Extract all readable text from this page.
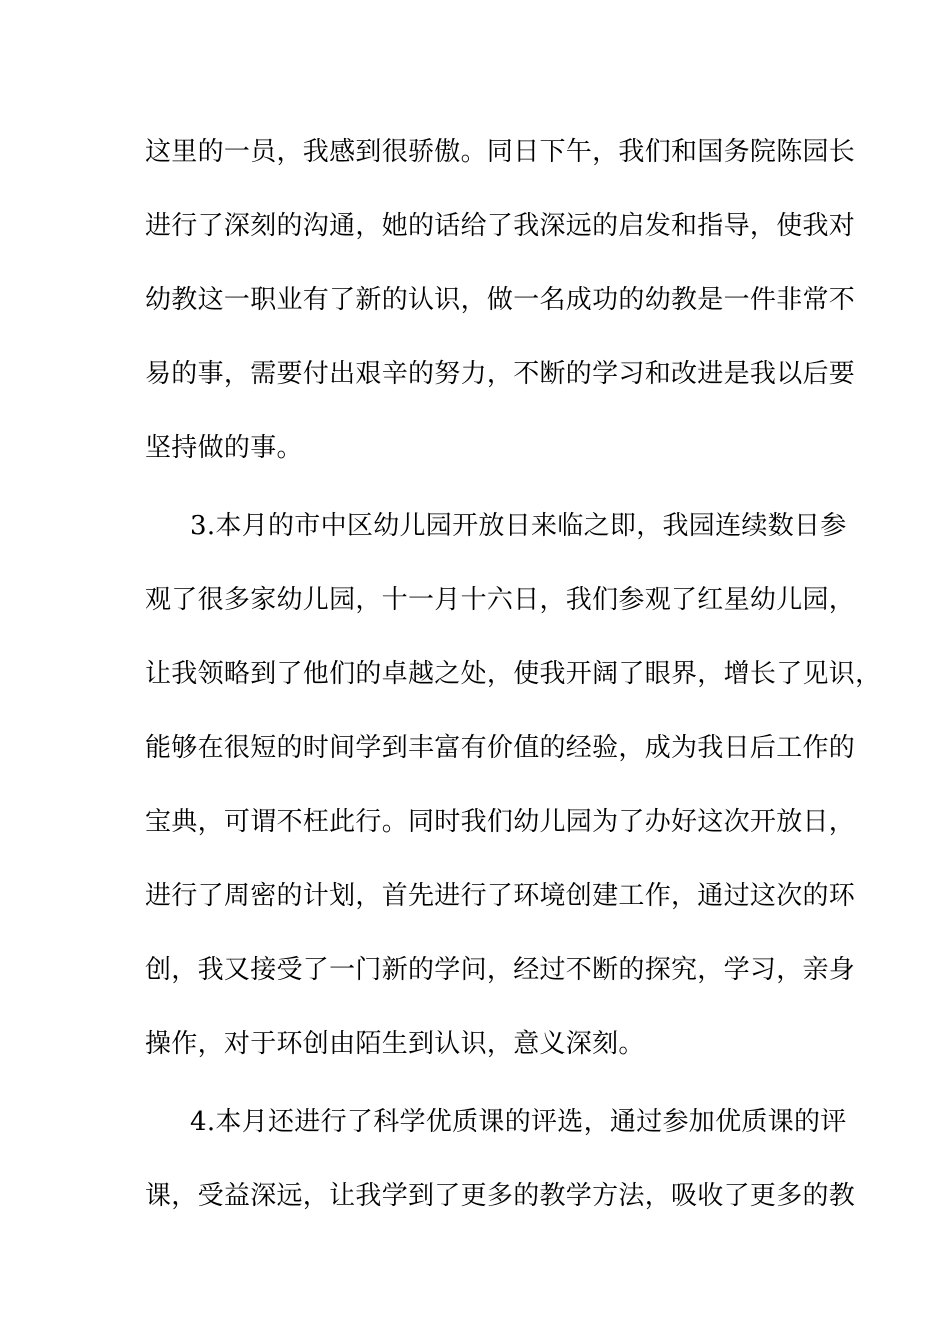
这里的一员，我感到很骄傲。同日下午，我们和国务院陈园长
进行了深刻的沟通，她的话给了我深远的启发和指导，使我对
幼教这一职业有了新的认识，做一名成功的幼教是一件非常不
易的事，需要付出艰辛的努力，不断的学习和改进是我以后要
坚持做的事。
3.本月的市中区幼儿园开放日来临之即，我园连续数日参
观了很多家幼儿园，十一月十六日，我们参观了红星幼儿园，
让我领略到了他们的卓越之处，使我开阔了眼界，增长了见识，
能够在很短的时间学到丰富有价值的经验，成为我日后工作的
宝典，可谓不枉此行。同时我们幼儿园为了办好这次开放日，
进行了周密的计划，首先进行了环境创建工作，通过这次的环
创，我又接受了一门新的学问，经过不断的探究，学习，亲身
操作，对于环创由陌生到认识，意义深刻。
4.本月还进行了科学优质课的评选，通过参加优质课的评
课，受益深远，让我学到了更多的教学方法，吸收了更多的教
